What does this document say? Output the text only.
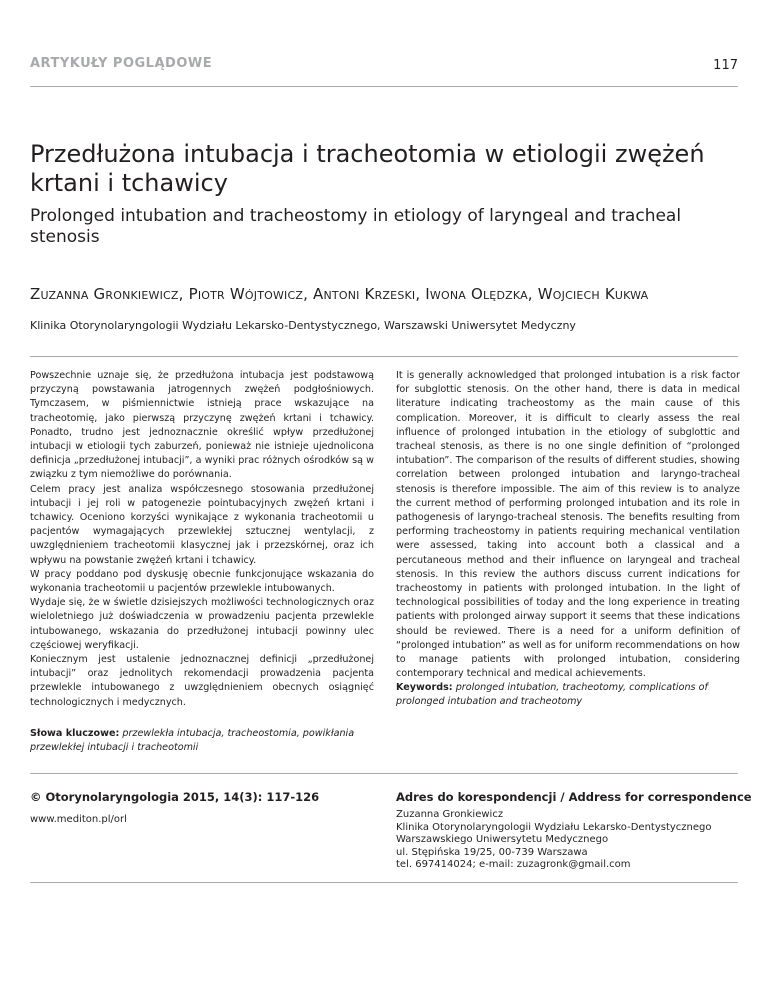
ARTYKUŁY POGLĄDOWE	117
Przedłużona intubacja i tracheotomia w etiologii zwężeń krtani i tchawicy
Prolonged intubation and tracheostomy in etiology of laryngeal and tracheal stenosis
Zuzanna Gronkiewicz, Piotr Wójtowicz, Antoni Krzeski, Iwona Olędzka, Wojciech Kukwa
Klinika Otorynolaryngologii Wydziału Lekarsko-Dentystycznego, Warszawski Uniwersytet Medyczny

Powszechnie uznaje się, że przedłużona intubacja jest podstawową przyczyną powstawania jatrogennych zwężeń podgłośniowych. Tymczasem, w piśmiennictwie istnieją prace wskazujące na tracheotomię, jako pierwszą przyczynę zwężeń krtani i tchawicy. Ponadto, trudno jest jednoznacznie określić wpływ przedłużonej intubacji w etiologii tych zaburzeń, ponieważ nie istnieje ujednolicona definicja „przedłużonej intubacji”, a wyniki prac różnych ośrodków są w związku z tym niemożliwe do porównania.

Celem pracy jest analiza współczesnego stosowania przedłużonej intubacji i jej roli w patogenezie pointubacyjnych zwężeń krtani i tchawicy. Oceniono korzyści wynikające z wykonania tracheotomii u pacjentów wymagających przewlekłej sztucznej wentylacji, z uwzględnieniem tracheotomii klasycznej jak i przezskórnej, oraz ich wpływu na powstanie zwężeń krtani i tchawicy.

W pracy poddano pod dyskusję obecnie funkcjonujące wskazania do wykonania tracheotomii u pacjentów przewlekle intubowanych.

Wydaje się, że w świetle dzisiejszych możliwości technologicznych oraz wieloletniego już doświadczenia w prowadzeniu pacjenta przewlekle intubowanego, wskazania do przedłużonej intubacji powinny ulec częściowej weryfikacji.

Koniecznym jest ustalenie jednoznacznej definicji „przedłużonej intubacji” oraz jednolitych rekomendacji prowadzenia pacjenta przewlekle intubowanego z uwzględnieniem obecnych osiągnięć technologicznych i medycznych.

Słowa kluczowe: przewlekła intubacja, tracheostomia, powikłania przewlekłej intubacji i tracheotomii

It is generally acknowledged that prolonged intubation is a risk factor for subglottic stenosis. On the other hand, there is data in medical literature indicating tracheostomy as the main cause of this complication. Moreover, it is difficult to clearly assess the real influence of prolonged intubation in the etiology of subglottic and tracheal stenosis, as there is no one single definition of “prolonged intubation”. The comparison of the results of different studies, showing correlation between prolonged intubation and laryngo-tracheal stenosis is therefore impossible. The aim of this review is to analyze the current method of performing prolonged intubation and its role in pathogenesis of laryngo-tracheal stenosis. The benefits resulting from performing tracheostomy in patients requiring mechanical ventilation were assessed, taking into account both a classical and a percutaneous method and their influence on laryngeal and tracheal stenosis. In this review the authors discuss current indications for tracheostomy in patients with prolonged intubation. In the light of technological possibilities of today and the long experience in treating patients with prolonged airway support it seems that these indications should be reviewed. There is a need for a uniform definition of “prolonged intubation” as well as for uniform recommendations on how to manage patients with prolonged intubation, considering contemporary technical and medical achievements.

Keywords: prolonged intubation, tracheotomy, complications of prolonged intubation and tracheotomy
© Otorynolaryngologia 2015, 14(3): 117-126
www.mediton.pl/orl
Adres do korespondencji / Address for correspondence
Zuzanna Gronkiewicz
Klinika Otorynolaryngologii Wydziału Lekarsko-Dentystycznego
Warszawskiego Uniwersytetu Medycznego
ul. Stępińska 19/25, 00-739 Warszawa
tel. 697414024; e-mail: zuzagronk@gmail.com
